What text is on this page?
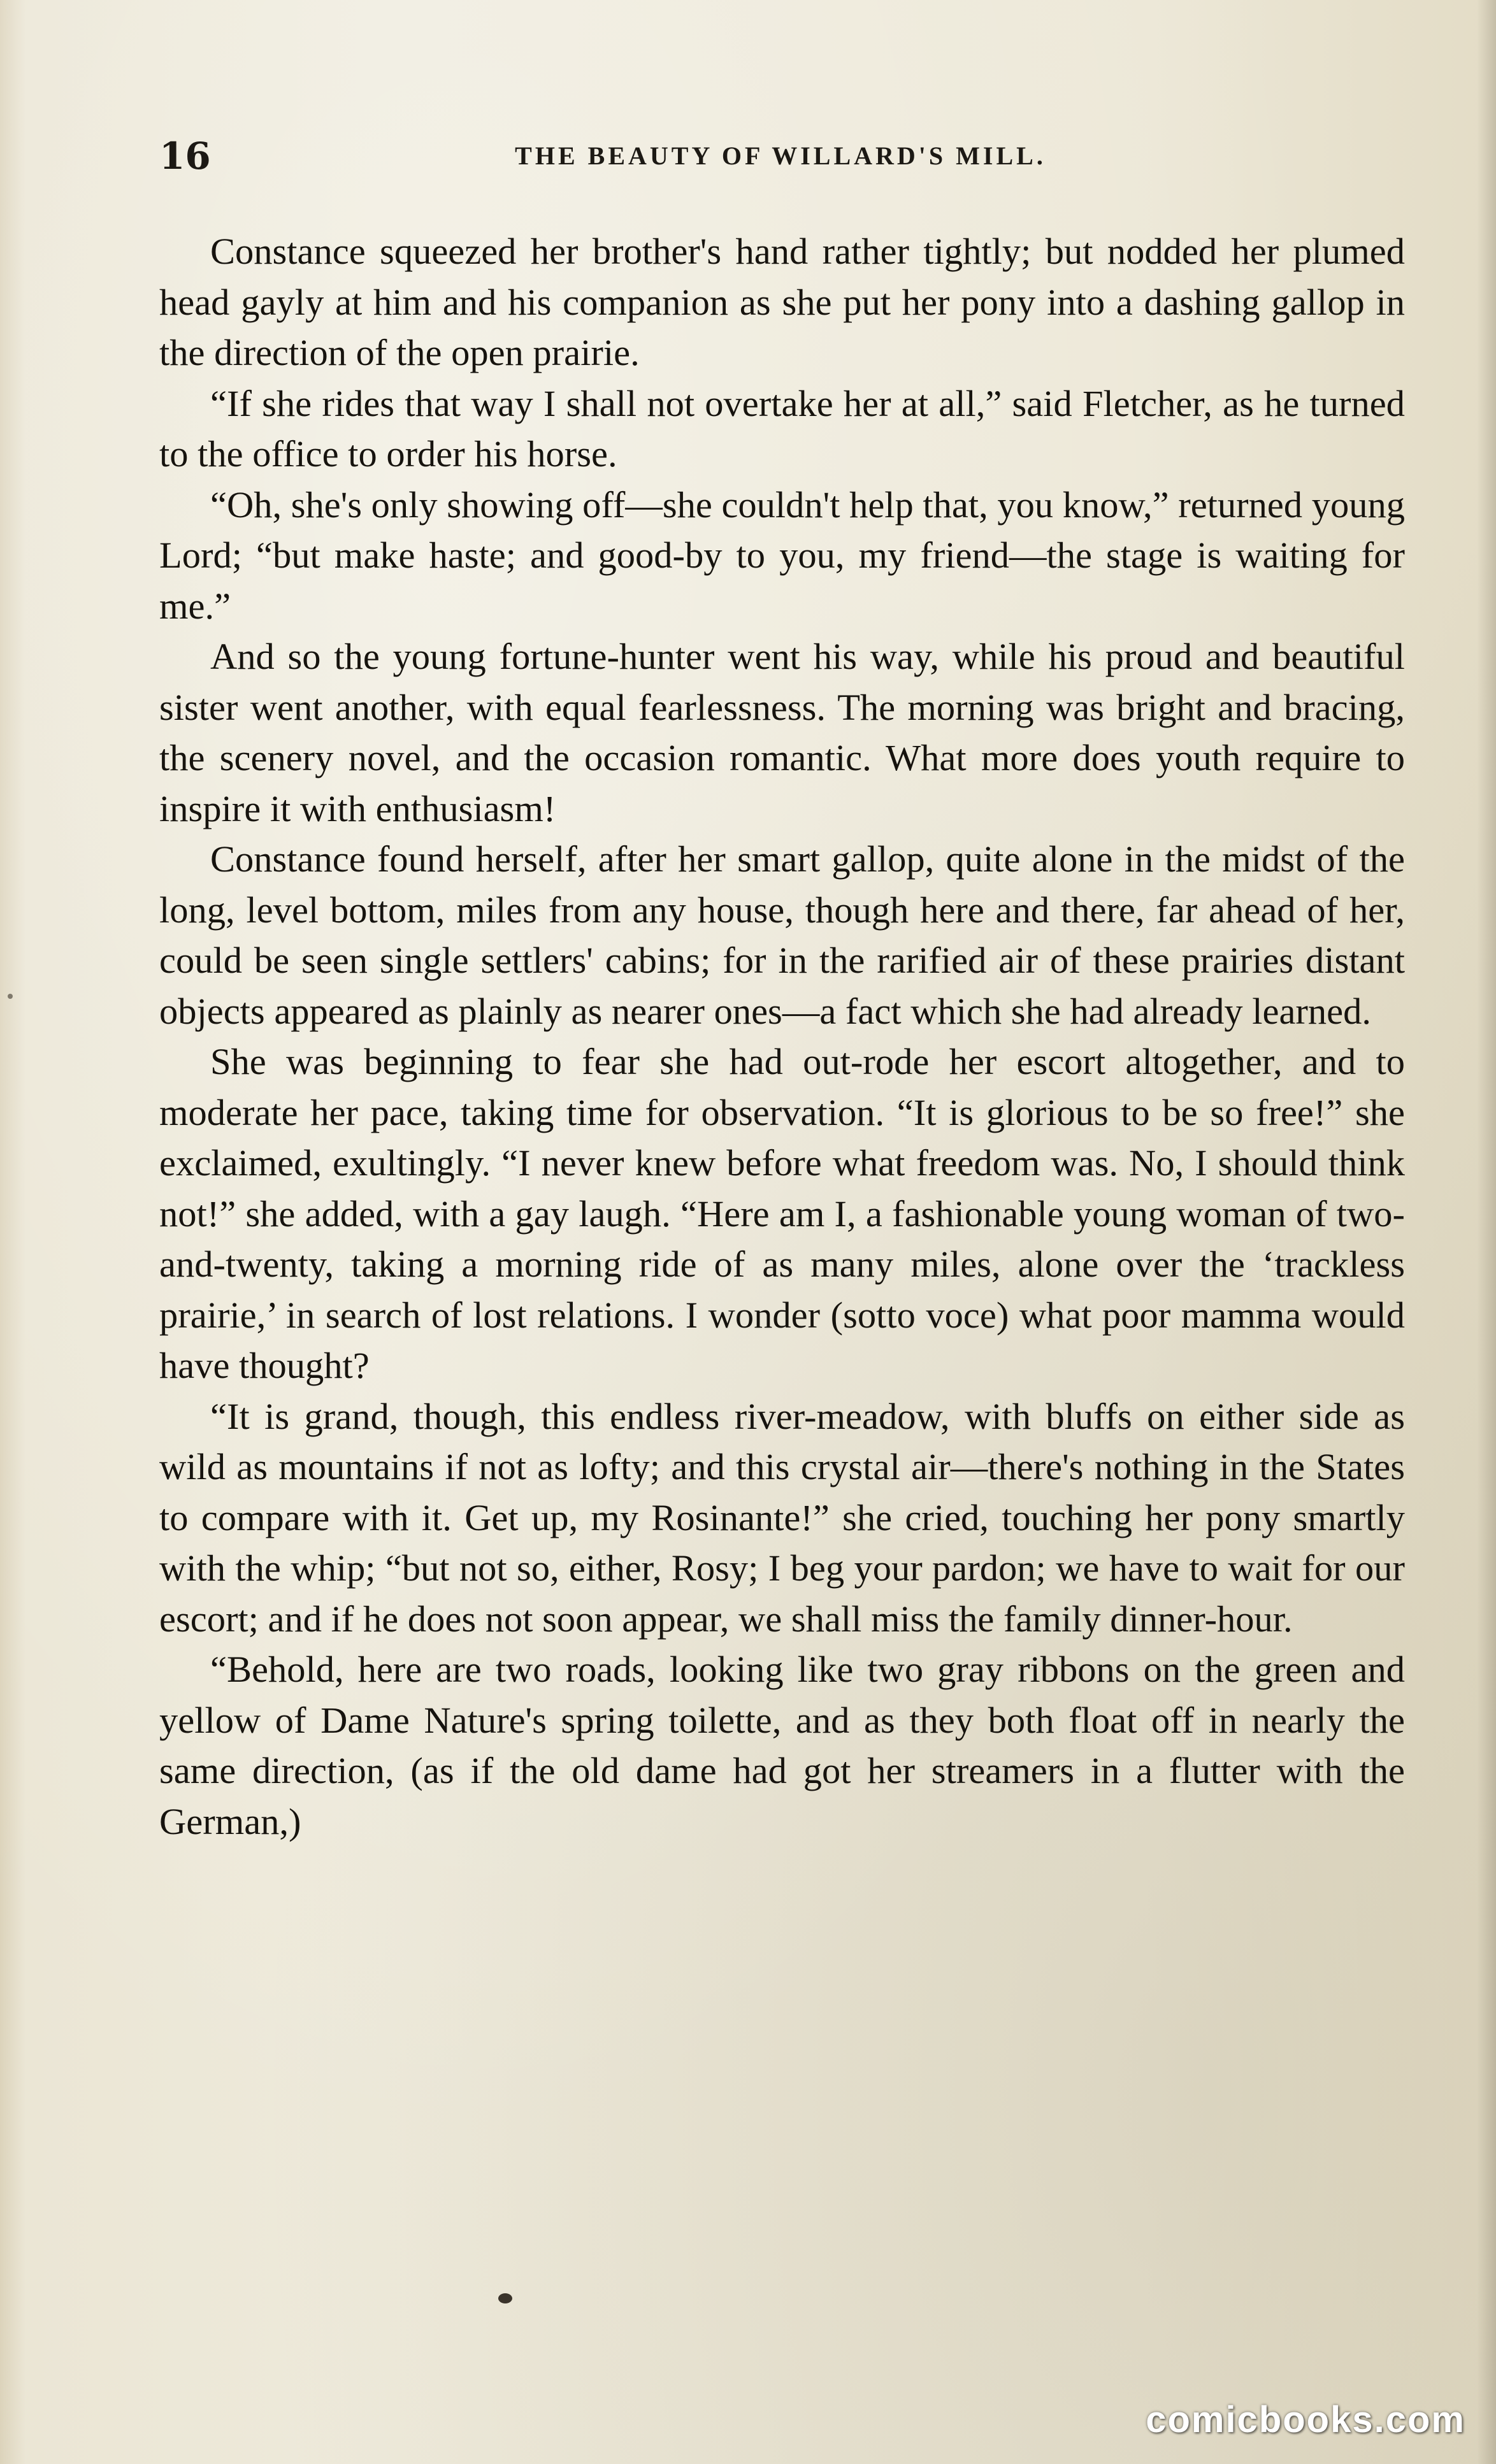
16	THE BEAUTY OF WILLARD'S MILL.

Constance squeezed her brother's hand rather tightly; but nodded her plumed head gayly at him and his companion as she put her pony into a dashing gallop in the direction of the open prairie.

“If she rides that way I shall not overtake her at all,” said Fletcher, as he turned to the office to order his horse.

“Oh, she's only showing off—she couldn't help that, you know,” returned young Lord; “but make haste; and good-by to you, my friend—the stage is waiting for me.”

And so the young fortune-hunter went his way, while his proud and beautiful sister went another, with equal fearlessness. The morning was bright and bracing, the scenery novel, and the occasion romantic. What more does youth require to inspire it with enthusiasm!

Constance found herself, after her smart gallop, quite alone in the midst of the long, level bottom, miles from any house, though here and there, far ahead of her, could be seen single settlers' cabins; for in the rarified air of these prairies distant objects appeared as plainly as nearer ones—a fact which she had already learned.

She was beginning to fear she had out-rode her escort altogether, and to moderate her pace, taking time for observation. “It is glorious to be so free!” she exclaimed, exultingly. “I never knew before what freedom was. No, I should think not!” she added, with a gay laugh. “Here am I, a fashionable young woman of two-and-twenty, taking a morning ride of as many miles, alone over the ‘trackless prairie,’ in search of lost relations. I wonder (sotto voce) what poor mamma would have thought?

“It is grand, though, this endless river-meadow, with bluffs on either side as wild as mountains if not as lofty; and this crystal air—there's nothing in the States to compare with it. Get up, my Rosinante!” she cried, touching her pony smartly with the whip; “but not so, either, Rosy; I beg your pardon; we have to wait for our escort; and if he does not soon appear, we shall miss the family dinner-hour.

“Behold, here are two roads, looking like two gray ribbons on the green and yellow of Dame Nature's spring toilette, and as they both float off in nearly the same direction, (as if the old dame had got her streamers in a flutter with the German,)

comicbooks.com
